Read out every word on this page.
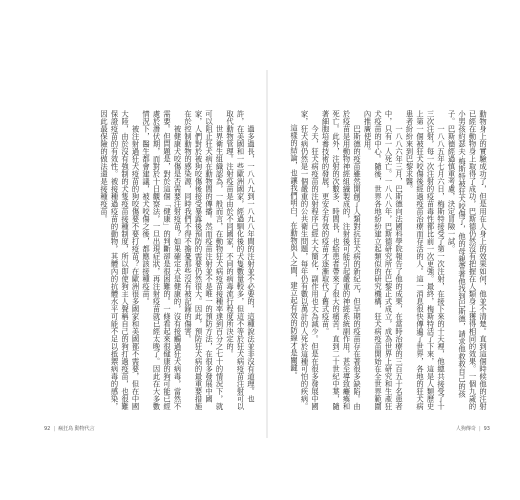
過多過長，一八八九到一八九八年間的注射並不必要的，這種說法並非沒有道理。也許，在美國和一些歐洲國家，經過馴化後的犬隻數量較多，但這不等於狂犬病疫苗注射可以取代動物管理。注射疫苗是由於不同國家，不同的病毒流行程度所決定的。

世界衛生組織認為，一般而言，在動物狂犬病疫苗接種率達到百分之七十的情況下，就可以阻止狂犬病在動物間的傳播。然而疫苗注射並不是唯一的預防方法，在很多發展中國家，人們對於被狗咬傷後接受暴露後預防的需要仍然很大。因此，預防狂犬病的最重要措施在於控制動物的感染源，同時我們不得不擔憂那些沒有被記錄的傷害。

被健康犬咬傷是否需要注射疫苗？如果確定犬是健康的，沒有接觸過狂犬病毒，當然不需要。但問題是，對於這個「健康」的判斷卻是很困難的。一條看起來很健康的狗可能已經處於潛伏期，而對於十日觀察法，一旦出現症狀，再注射疫苗就已經太晚了。因此在大多數情況下，醫生都會建議，被犬咬傷之後，都應該接種疫苗。

被注射過狂犬疫苗的狗咬傷要不要打疫苗？在歐洲很多國家和美國都不需要，但在中國大陸，由於沒有強制的犬隻疫苗接種制度，所以即使狗主人聲稱自己的狗打過疫苗，也很難保證疫苗的有效性。被接種過疫苗的動物，其體內的抗體水平可能不足以抵禦病毒的感染，因此最保險的做法還是接種疫苗。

92 | 瘋狂鳥 動物代言

動物身上的實驗成功了，但是用在人身上的效果如何，他並不清楚。直到這個時候他的注射已經在動物身上取得了成功，巴斯德仍然沒有把握在人類身上獲得相同的效果。一個九歲的小男孩約瑟夫·梅斯特被狂犬咬傷了，他的母親帶著他找到巴斯德，請求他救救自己的孩子。巴斯德經過慎重考慮，決定冒險一試。

一八八五年七月六日，梅斯特接受了第一次注射，在接下來的十天裡，他總共接受了十三次注射，每一次注射的疫苗毒性都比前一次更強。最終，梅斯特活了下來，這是人類歷史上第一個被狂犬咬傷後經過疫苗治療而存活的人。這一消息很快傳遍了世界，各地的狂犬病患者紛紛來到巴黎求醫。

一八八六年三月，巴斯德向法國科學院報告了他的成果，在當時治療的三百五十名患者中，只有一人死亡。一八八八年，巴斯德研究所在巴黎正式成立，成為世界上研究和生產狂犬疫苗的中心。隨後，世界各地紛紛建立起類似的研究機構，狂犬病疫苗開始在全世界範圍內推廣使用。

巴斯德的疫苗雖然開創了人類對抗狂犬病的新紀元，但早期的疫苗存在著很多缺陷。由於疫苗是用動物神經組織製成的，注射後可能引起嚴重的神經系統副作用，甚至導致癱瘓和死亡。此外，注射的次數多、時間長，也給患者帶來了很大的痛苦。直到二十世紀中葉，隨著細胞培養技術的發展，更安全有效的疫苗才逐漸取代了舊式疫苗。

今天，狂犬病疫苗的注射程序已經大大簡化，副作用也大為減少。但是在很多發展中國家，狂犬病仍然是一個嚴重的公共衛生問題，每年仍有數以萬計的人死於這種可怕的疾病。

這樣的結論，也讓我們明白，在動物與人之間，建立起有效的防線才是關鍵。

人狗傳奇 | 93
